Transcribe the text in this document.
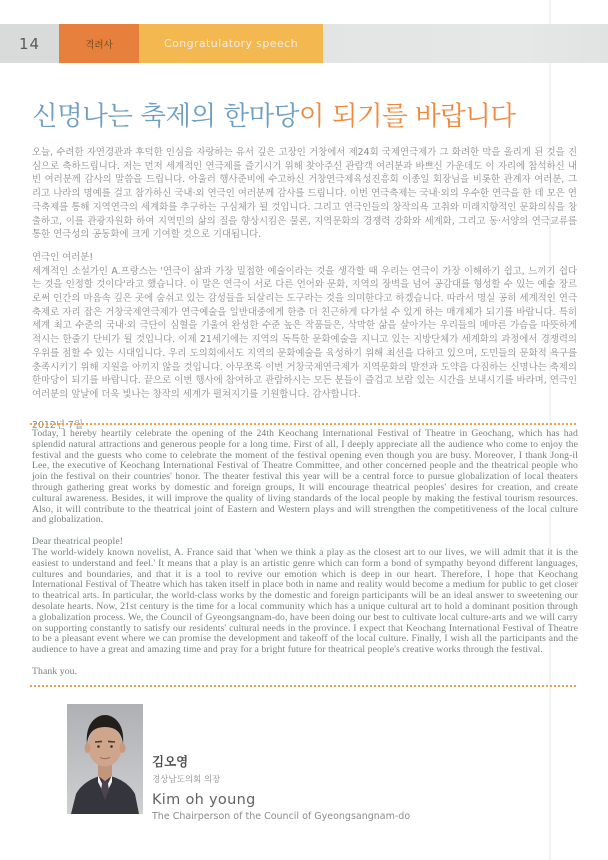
14	격려사	Congratulatory speech
신명나는 축제의 한마당이 되기를 바랍니다
오늘, 수려한 자연경관과 후덕한 인심을 자랑하는 유서 깊은 고장인 거창에서 제24회 국제연극제가 그 화려한 막을 올리게 된 것을 진심으로 축하드립니다. 저는 먼저 세계적인 연극제를 즐기시기 위해 찾아주신 관람객 여러분과 바쁘신 가운데도 이 자리에 참석하신 내빈 여러분께 감사의 말씀을 드립니다. 아울러 행사준비에 수고하신 거창연극제육성진흥회 이종일 회장님을 비롯한 관계자 여러분, 그리고 나라의 명예를 걸고 참가하신 국내·외 연극인 여러분께 감사를 드립니다. 이번 연극축제는 국내·외의 우수한 연극을 한 데 모은 연극축제를 통해 지역연극의 세계화를 추구하는 구심체가 될 것입니다. 그리고 연극인들의 창작의욕 고취와 미래지향적인 문화의식을 창출하고, 이를 관광자원화 하여 지역민의 삶의 질을 향상시킴은 물론, 지역문화의 경쟁력 강화와 세계화, 그리고 동·서양의 연극교류를 통한 연극성의 공동화에 크게 기여할 것으로 기대됩니다.
연극인 여러분!
세계적인 소설가인 A.프랑스는 '연극이 삶과 가장 밀접한 예술이라는 것을 생각할 때 우리는 연극이 가장 이해하기 쉽고, 느끼기 쉽다는 것을 인정할 것이다'라고 했습니다. 이 말은 연극이 서로 다른 언어와 문화, 지역의 장벽을 넘어 공감대를 형성할 수 있는 예술 장르로써 인간의 마음속 깊은 곳에 숨쉬고 있는 감성들을 되살리는 도구라는 것을 의미한다고 하겠습니다. 따라서 명실 공히 세계적인 연극축제로 자리 잡은 거창국제연극제가 연극예술을 일반대중에게 한층 더 친근하게 다가설 수 있게 하는 매개체가 되기를 바랍니다. 특히 세계 최고 수준의 국내·외 극단이 심혈을 기울여 완성한 수준 높은 작품들은, 삭막한 삶을 살아가는 우리들의 메마른 가슴을 따뜻하게 적시는 한줄기 단비가 될 것입니다. 이제 21세기에는 지역의 독특한 문화예술을 지니고 있는 지방단체가 세계화의 과정에서 경쟁력의 우위를 점할 수 있는 시대입니다. 우리 도의회에서도 지역의 문화예술을 육성하기 위해 최선을 다하고 있으며, 도민들의 문화적 욕구를 충족시키기 위해 지원을 아끼지 않을 것입니다. 아무쪼록 이번 거창국제연극제가 지역문화의 발전과 도약을 다짐하는 신명나는 축제의 한마당이 되기를 바랍니다. 끝으로 이번 행사에 참여하고 관람하시는 모든 분들이 즐겁고 보람 있는 시간을 보내시기를 바라며, 연극인 여러분의 앞날에 더욱 빛나는 창작의 세계가 펼쳐지기를 기원합니다. 감사합니다.
2012년 7월
Today, I hereby heartily celebrate the opening of the 24th Keochang International Festival of Theatre in Geochang, which has had splendid natural attractions and generous people for a long time. First of all, I deeply appreciate all the audience who come to enjoy the festival and the guests who come to celebrate the moment of the festival opening even though you are busy. Moreover, I thank Jong-il Lee, the executive of Keochang International Festival of Theatre Committee, and other concerned people and the theatrical people who join the festival on their countries' honor. The theater festival this year will be a central force to pursue globalization of local theaters through gathering great works by domestic and foreign groups, It will encourage theatrical peoples' desires for creation, and create cultural awareness. Besides, it will improve the quality of living standards of the local people by making the festival tourism resources. Also, it will contribute to the theatrical joint of Eastern and Western plays and will strengthen the competitiveness of the local culture and globalization.
Dear theatrical people!
The world-widely known novelist, A. France said that 'when we think a play as the closest art to our lives, we will admit that it is the easiest to understand and feel.' It means that a play is an artistic genre which can form a bond of sympathy beyond different languages, cultures and boundaries, and that it is a tool to revive our emotion which is deep in our heart. Therefore, I hope that Keochang International Festival of Theatre which has taken itself in place both in name and reality would become a medium for public to get closer to theatrical arts. In particular, the world-class works by the domestic and foreign participants will be an ideal answer to sweetening our desolate hearts. Now, 21st century is the time for a local community which has a unique cultural art to hold a dominant position through a globalization process. We, the Council of Gyeongsangnam-do, have been doing our best to cultivate local culture-arts and we will carry on supporting constantly to satisfy our residents' cultural needs in the province. I expect that Keochang International Festival of Theatre to be a pleasant event where we can promise the development and takeoff of the local culture. Finally, I wish all the participants and the audience to have a great and amazing time and pray for a bright future for theatrical people's creative works through the festival.
Thank you.
김오영
경상남도의회 의장
Kim oh young
The Chairperson of the Council of Gyeongsangnam-do
